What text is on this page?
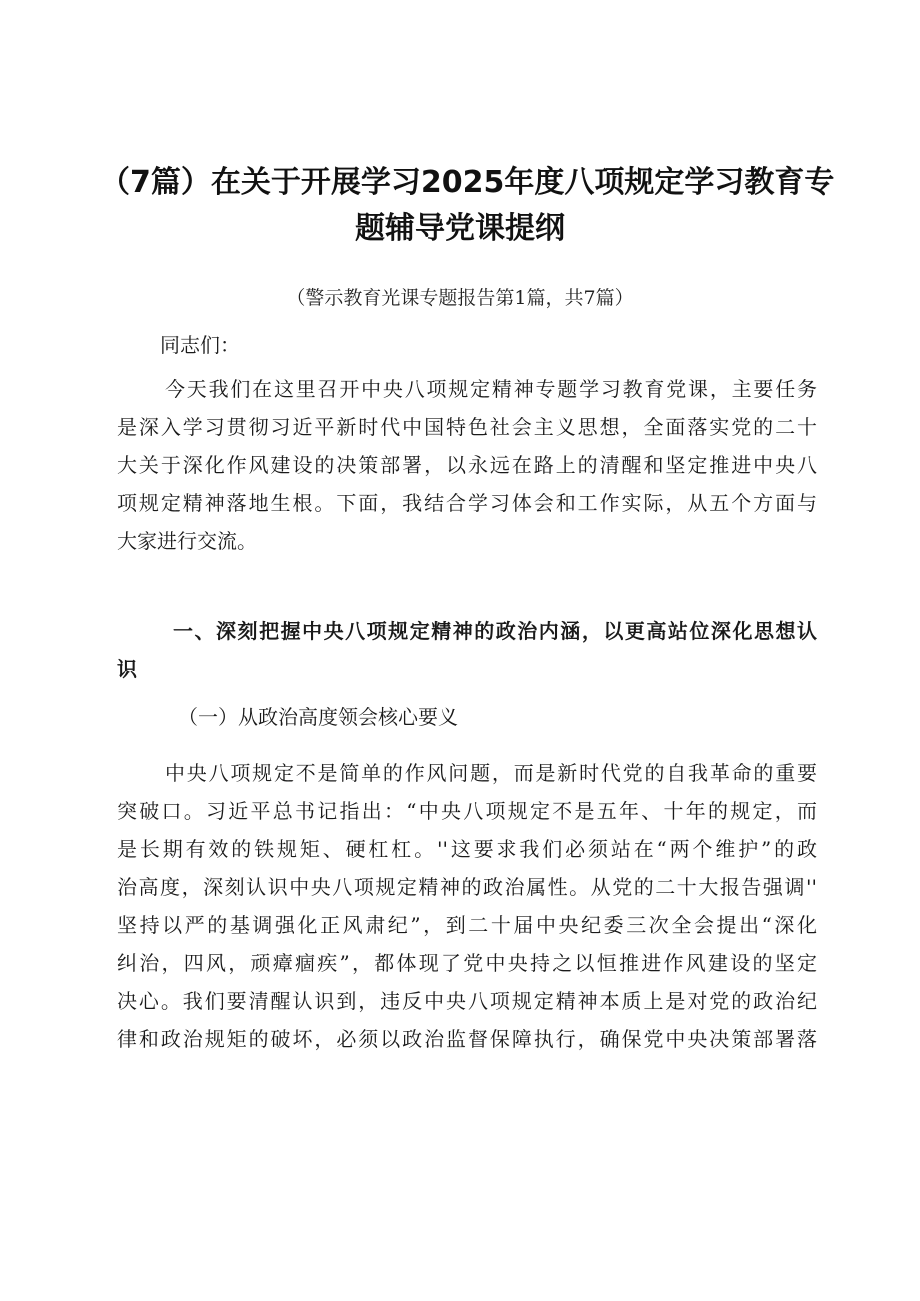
（7篇）在关于开展学习2025年度八项规定学习教育专
题辅导党课提纲
（警示教育光课专题报告第1篇，共7篇）
同志们：
今天我们在这里召开中央八项规定精神专题学习教育党课，主要任务
是深入学习贯彻习近平新时代中国特色社会主义思想，全面落实党的二十
大关于深化作风建设的决策部署，以永远在路上的清醒和坚定推进中央八
项规定精神落地生根。下面，我结合学习体会和工作实际，从五个方面与
大家进行交流。
一、深刻把握中央八项规定精神的政治内涵，以更高站位深化思想认
识
（一）从政治高度领会核心要义
中央八项规定不是简单的作风问题，而是新时代党的自我革命的重要
突破口。习近平总书记指出：“中央八项规定不是五年、十年的规定，而
是长期有效的铁规矩、硬杠杠。''这要求我们必须站在“两个维护”的政
治高度，深刻认识中央八项规定精神的政治属性。从党的二十大报告强调''
坚持以严的基调强化正风肃纪”，到二十届中央纪委三次全会提出“深化
纠治，四风，顽瘴痼疾”，都体现了党中央持之以恒推进作风建设的坚定
决心。我们要清醒认识到，违反中央八项规定精神本质上是对党的政治纪
律和政治规矩的破坏，必须以政治监督保障执行，确保党中央决策部署落
